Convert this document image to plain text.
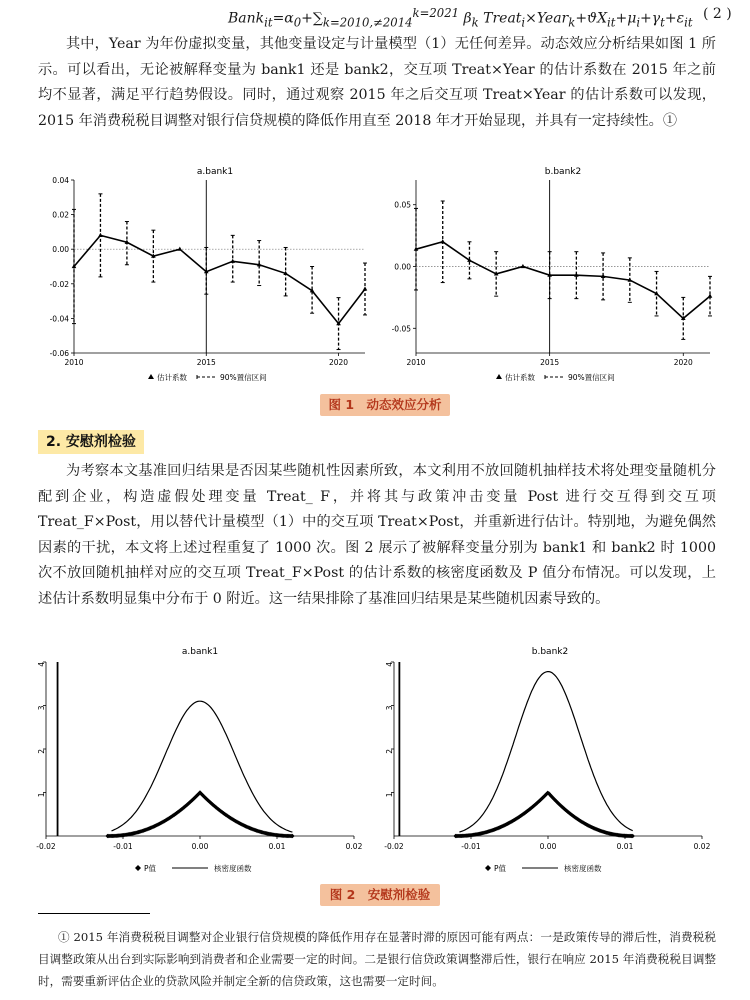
$Bank_{it}=\alpha_0+\sum_{k=2010,\ne 2014}^{k=2021}$ $\beta_k$ $Treat_i\times Year_k+ϑX_{it}+\mu_i+\gamma_t+\varepsilon_{it}$
( 2 )

其中，Year 为年份虚拟变量，其他变量设定与计量模型（1）无任何差异。动态效应分析结果如图 1 所示。可以看出，无论被解释变量为 bank1 还是 bank2，交互项 Treat×Year 的估计系数在 2015 年之前均不显著，满足平行趋势假设。同时，通过观察 2015 年之后交互项 Treat×Year 的估计系数可以发现，2015 年消费税税目调整对银行信贷规模的降低作用直至 2018 年才开始显现，并具有一定持续性。①

a.bank1
0.04
0.02
0.00
-0.02
-0.04
-0.06
2010	2015	2020
b.bank2
0.05
0.00
-0.05
2010	2015	2020
估计系数	90%置信区间	估计系数	90%置信区间
图 1　动态效应分析
2. 安慰剂检验

为考察本文基准回归结果是否因某些随机性因素所致，本文利用不放回随机抽样技术将处理变量随机分配到企业，构造虚假处理变量 Treat_ F，并将其与政策冲击变量 Post 进行交互得到交互项 Treat_F×Post，用以替代计量模型（1）中的交互项 Treat×Post，并重新进行估计。特别地，为避免偶然因素的干扰，本文将上述过程重复了 1000 次。图 2 展示了被解释变量分别为 bank1 和 bank2 时 1000 次不放回随机抽样对应的交互项 Treat_F×Post 的估计系数的核密度函数及 P 值分布情况。可以发现，上述估计系数明显集中分布于 0 附近。这一结果排除了基准回归结果是某些随机因素导致的。

a.bank1
1
2
3
4
-0.02	-0.01	0.00	0.01	0.02
b.bank2
1
2
3
4
-0.02	-0.01	0.00	0.01	0.02
P值	核密度函数	P值	核密度函数
图 2　安慰剂检验

① 2015 年消费税税目调整对企业银行信贷规模的降低作用存在显著时滞的原因可能有两点：一是政策传导的滞后性，消费税税目调整政策从出台到实际影响到消费者和企业需要一定的时间。二是银行信贷政策调整滞后性，银行在响应 2015 年消费税税目调整时，需要重新评估企业的贷款风险并制定全新的信贷政策，这也需要一定时间。
